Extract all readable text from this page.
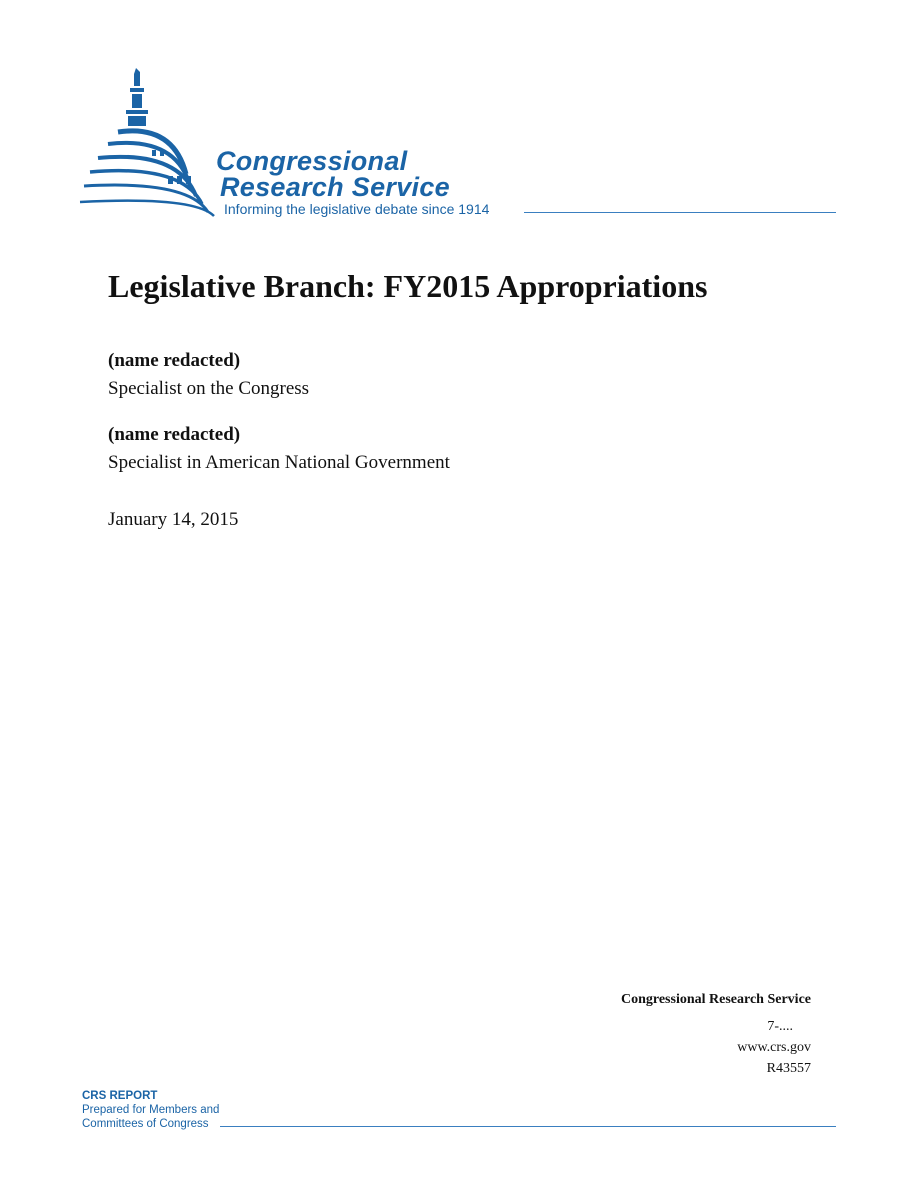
Congressional
Research Service
Informing the legislative debate since 1914
Legislative Branch: FY2015 Appropriations
(name redacted)
Specialist on the Congress
(name redacted)
Specialist in American National Government
January 14, 2015
Congressional Research Service
7-....
www.crs.gov
R43557
CRS REPORT
Prepared for Members and
Committees of Congress
